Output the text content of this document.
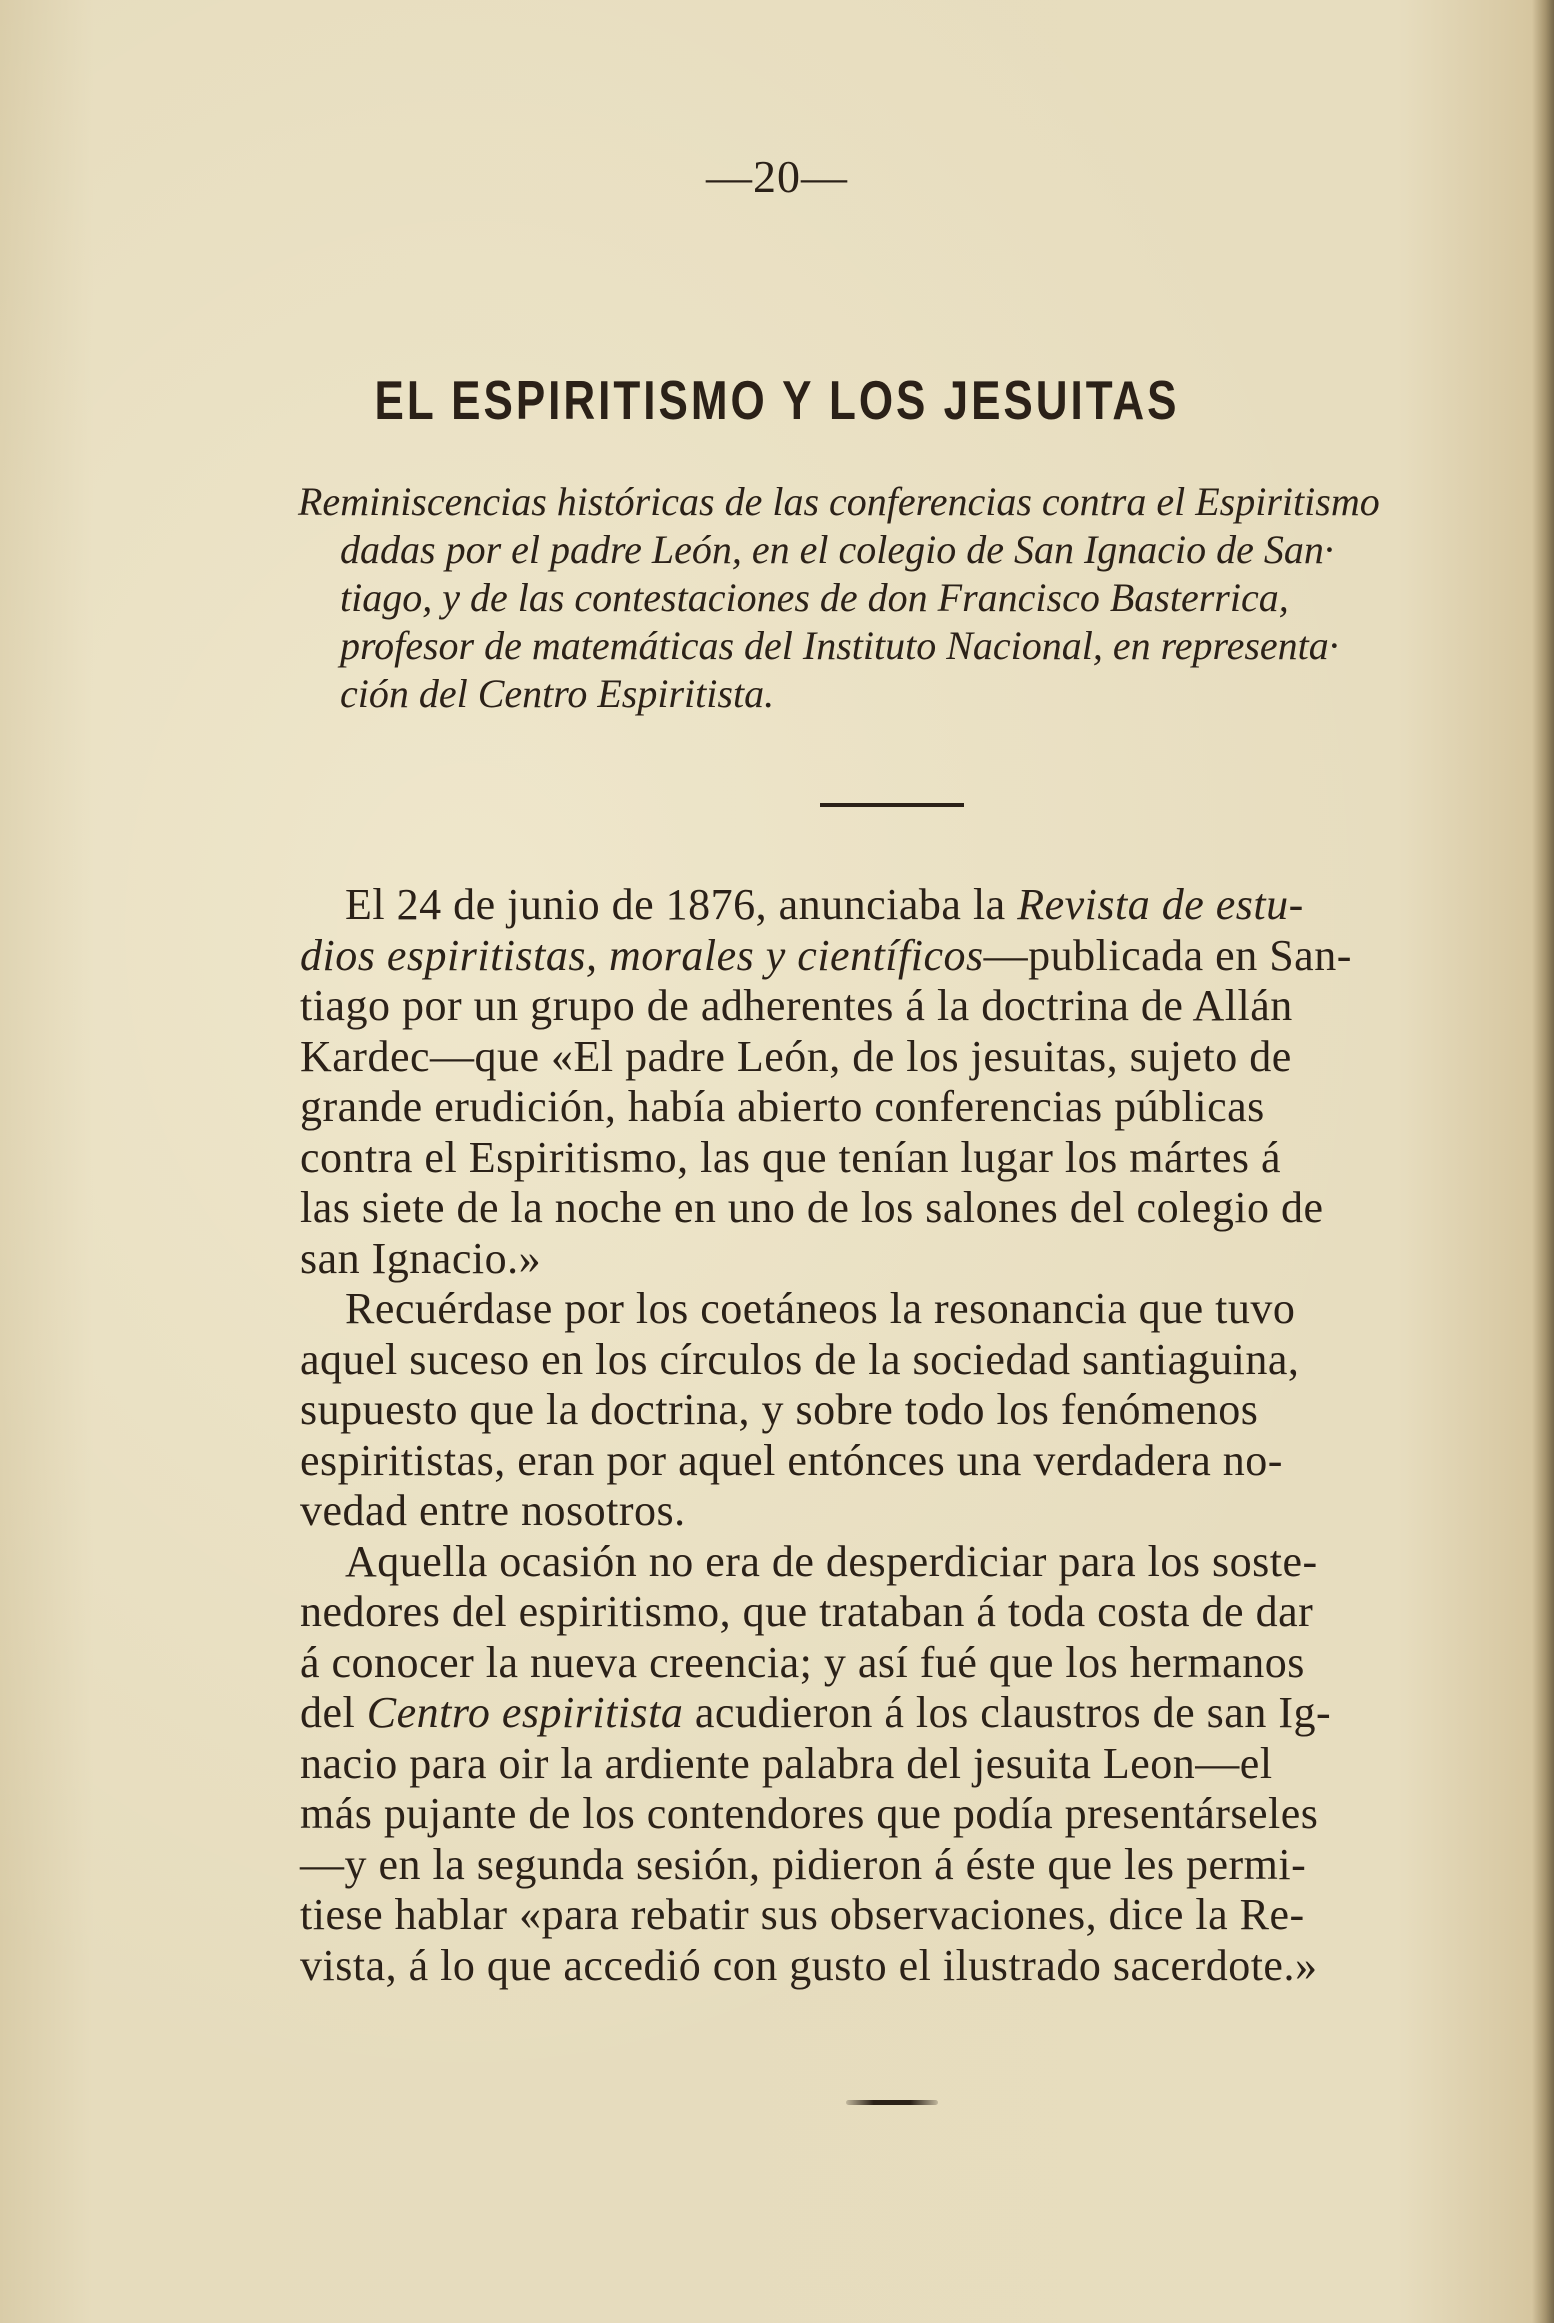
—20—
EL ESPIRITISMO Y LOS JESUITAS
Reminiscencias históricas de las conferencias contra el Espiritismo
dadas por el padre León, en el colegio de San Ignacio de San·
tiago, y de las contestaciones de don Francisco Basterrica,
profesor de matemáticas del Instituto Nacional, en representa·
ción del Centro Espiritista.
El 24 de junio de 1876, anunciaba la Revista de estu-
dios espiritistas, morales y científicos—publicada en San-
tiago por un grupo de adherentes á la doctrina de Allán
Kardec—que «El padre León, de los jesuitas, sujeto de
grande erudición, había abierto conferencias públicas
contra el Espiritismo, las que tenían lugar los mártes á
las siete de la noche en uno de los salones del colegio de
san Ignacio.»
Recuérdase por los coetáneos la resonancia que tuvo
aquel suceso en los círculos de la sociedad santiaguina,
supuesto que la doctrina, y sobre todo los fenómenos
espiritistas, eran por aquel entónces una verdadera no-
vedad entre nosotros.
Aquella ocasión no era de desperdiciar para los soste-
nedores del espiritismo, que trataban á toda costa de dar
á conocer la nueva creencia; y así fué que los hermanos
del Centro espiritista acudieron á los claustros de san Ig-
nacio para oir la ardiente palabra del jesuita Leon—el
más pujante de los contendores que podía presentárseles
—y en la segunda sesión, pidieron á éste que les permi-
tiese hablar «para rebatir sus observaciones, dice la Re-
vista, á lo que accedió con gusto el ilustrado sacerdote.»
